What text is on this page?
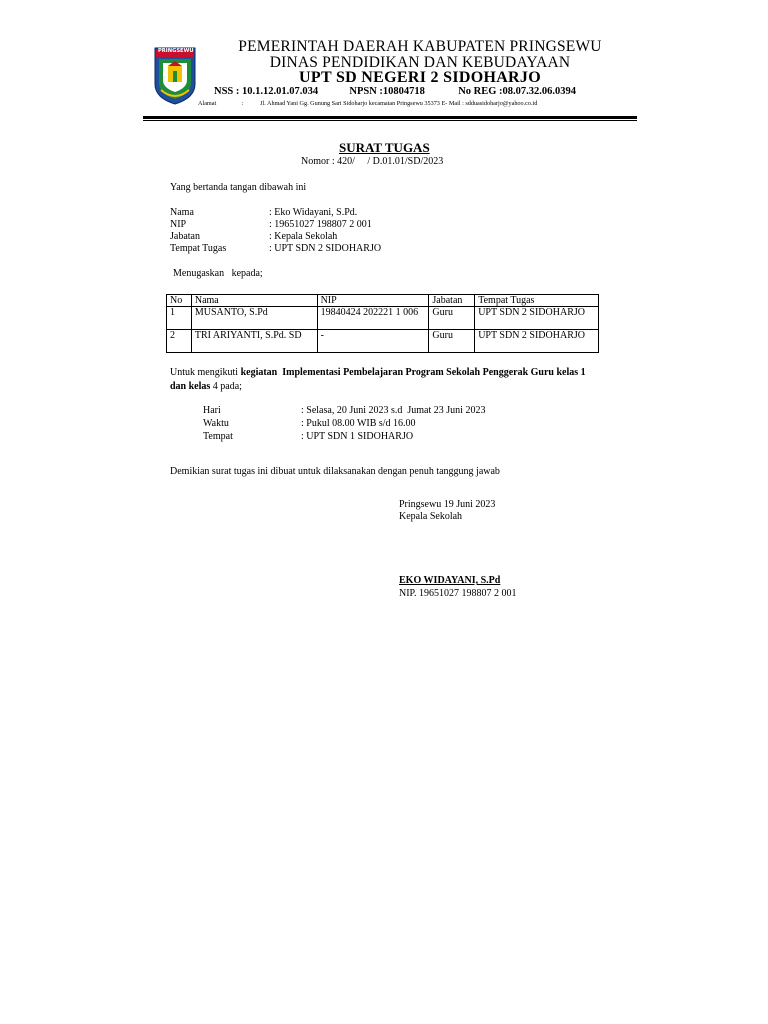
PRINGSEWU	PEMERINTAH DAERAH KABUPATEN PRINGSEWU
DINAS PENDIDIKAN DAN KEBUDAYAAN
UPT SD NEGERI 2 SIDOHARJO
NSS : 10.1.12.01.07.034	NPSN :10804718	No REG :08.07.32.06.0394
Alamat	:	Jl. Ahmad Yani Gg. Gunung Sari Sidoharjo kecamatan Pringsewu 35373 E- Mail : sdduasidoharjo@yahoo.co.id
SURAT TUGAS
Nomor : 420/     / D.01.01/SD/2023
Yang bertanda tangan dibawah ini
Nama	: Eko Widayani, S.Pd.
NIP	: 19651027 198807 2 001
Jabatan	: Kepala Sekolah
Tempat Tugas	: UPT SDN 2 SIDOHARJO
Menugaskan   kepada;
No	Nama	NIP	Jabatan	Tempat Tugas
1	MUSANTO, S.Pd	19840424 202221 1 006	Guru	UPT SDN 2 SIDOHARJO
2	TRI ARIYANTI, S.Pd. SD	-	Guru	UPT SDN 2 SIDOHARJO
Untuk mengikuti kegiatan  Implementasi Pembelajaran Program Sekolah Penggerak Guru kelas 1
dan kelas 4 pada;
Hari	: Selasa, 20 Juni 2023 s.d  Jumat 23 Juni 2023
Waktu	: Pukul 08.00 WIB s/d 16.00
Tempat	: UPT SDN 1 SIDOHARJO
Demikian surat tugas ini dibuat untuk dilaksanakan dengan penuh tanggung jawab
Pringsewu 19 Juni 2023
Kepala Sekolah
EKO WIDAYANI, S.Pd
NIP. 19651027 198807 2 001
